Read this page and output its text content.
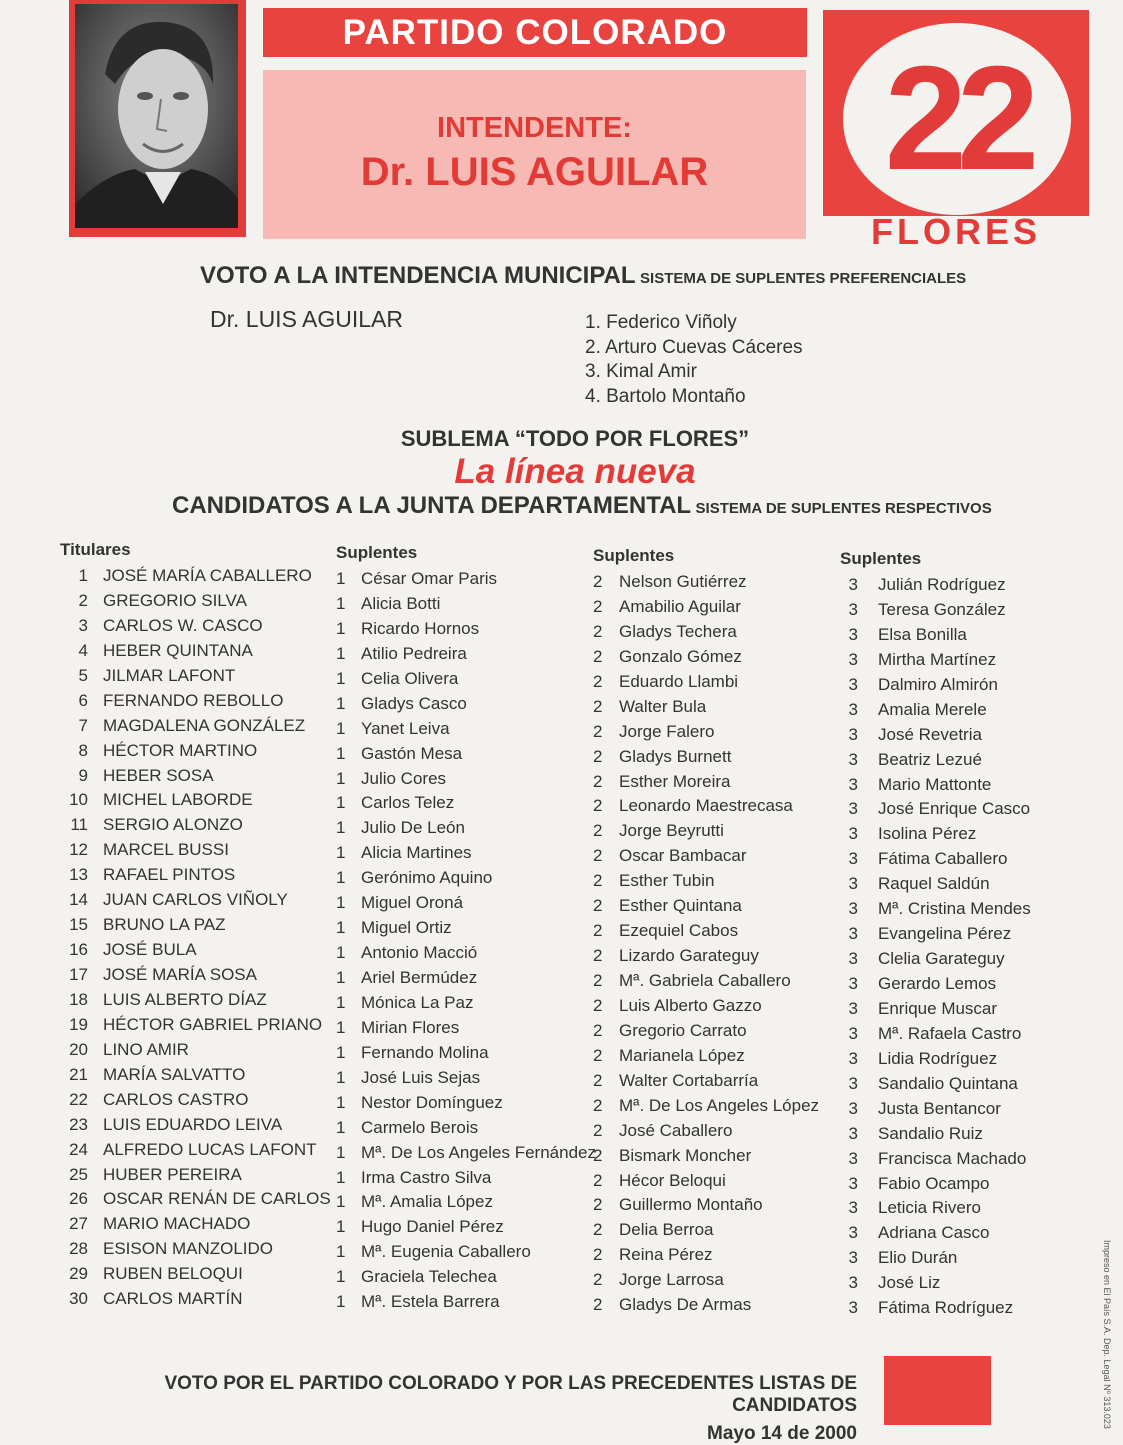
PARTIDO COLORADO
INTENDENTE:
Dr. LUIS AGUILAR	22
FLORES
VOTO A LA INTENDENCIA MUNICIPAL SISTEMA DE SUPLENTES PREFERENCIALES
Dr. LUIS AGUILAR	1. Federico Viñoly
2. Arturo Cuevas Cáceres
3. Kimal Amir
4. Bartolo Montaño
SUBLEMA “TODO POR FLORES”
La línea nueva
CANDIDATOS A LA JUNTA DEPARTAMENTAL SISTEMA DE SUPLENTES RESPECTIVOS
Titulares
1 JOSÉ MARÍA CABALLERO
2 GREGORIO SILVA
3 CARLOS W. CASCO
4 HEBER QUINTANA
5 JILMAR LAFONT
6 FERNANDO REBOLLO
7 MAGDALENA GONZÁLEZ
8 HÉCTOR MARTINO
9 HEBER SOSA
10 MICHEL LABORDE
11 SERGIO ALONZO
12 MARCEL BUSSI
13 RAFAEL PINTOS
14 JUAN CARLOS VIÑOLY
15 BRUNO LA PAZ
16 JOSÉ BULA
17 JOSÉ MARÍA SOSA
18 LUIS ALBERTO DÍAZ
19 HÉCTOR GABRIEL PRIANO
20 LINO AMIR
21 MARÍA SALVATTO
22 CARLOS CASTRO
23 LUIS EDUARDO LEIVA
24 ALFREDO LUCAS LAFONT
25 HUBER PEREIRA
26 OSCAR RENÁN DE CARLOS
27 MARIO MACHADO
28 ESISON MANZOLIDO
29 RUBEN BELOQUI
30 CARLOS MARTÍN
Suplentes
1 César Omar Paris
1 Alicia Botti
1 Ricardo Hornos
1 Atilio Pedreira
1 Celia Olivera
1 Gladys Casco
1 Yanet Leiva
1 Gastón Mesa
1 Julio Cores
1 Carlos Telez
1 Julio De León
1 Alicia Martines
1 Gerónimo Aquino
1 Miguel Oroná
1 Miguel Ortiz
1 Antonio Macció
1 Ariel Bermúdez
1 Mónica La Paz
1 Mirian Flores
1 Fernando Molina
1 José Luis Sejas
1 Nestor Domínguez
1 Carmelo Berois
1 Mª. De Los Angeles Fernández
1 Irma Castro Silva
1 Mª. Amalia López
1 Hugo Daniel Pérez
1 Mª. Eugenia Caballero
1 Graciela Telechea
1 Mª. Estela Barrera
Suplentes
2 Nelson Gutiérrez
2 Amabilio Aguilar
2 Gladys Techera
2 Gonzalo Gómez
2 Eduardo Llambi
2 Walter Bula
2 Jorge Falero
2 Gladys Burnett
2 Esther Moreira
2 Leonardo Maestrecasa
2 Jorge Beyrutti
2 Oscar Bambacar
2 Esther Tubin
2 Esther Quintana
2 Ezequiel Cabos
2 Lizardo Garateguy
2 Mª. Gabriela Caballero
2 Luis Alberto Gazzo
2 Gregorio Carrato
2 Marianela López
2 Walter Cortabarría
2 Mª. De Los Angeles López
2 José Caballero
2 Bismark Moncher
2 Hécor Beloqui
2 Guillermo Montaño
2 Delia Berroa
2 Reina Pérez
2 Jorge Larrosa
2 Gladys De Armas
Suplentes
3 Julián Rodríguez
3 Teresa González
3 Elsa Bonilla
3 Mirtha Martínez
3 Dalmiro Almirón
3 Amalia Merele
3 José Revetria
3 Beatriz Lezué
3 Mario Mattonte
3 José Enrique Casco
3 Isolina Pérez
3 Fátima Caballero
3 Raquel Saldún
3 Mª. Cristina Mendes
3 Evangelina Pérez
3 Clelia Garateguy
3 Gerardo Lemos
3 Enrique Muscar
3 Mª. Rafaela Castro
3 Lidia Rodríguez
3 Sandalio Quintana
3 Justa Bentancor
3 Sandalio Ruiz
3 Francisca Machado
3 Fabio Ocampo
3 Leticia Rivero
3 Adriana Casco
3 Elio Durán
3 José Liz
3 Fátima Rodríguez
VOTO POR EL PARTIDO COLORADO Y POR LAS PRECEDENTES LISTAS DE CANDIDATOS
Mayo 14 de 2000
Impreso en El País S.A. Dep. Legal Nº 313.023
